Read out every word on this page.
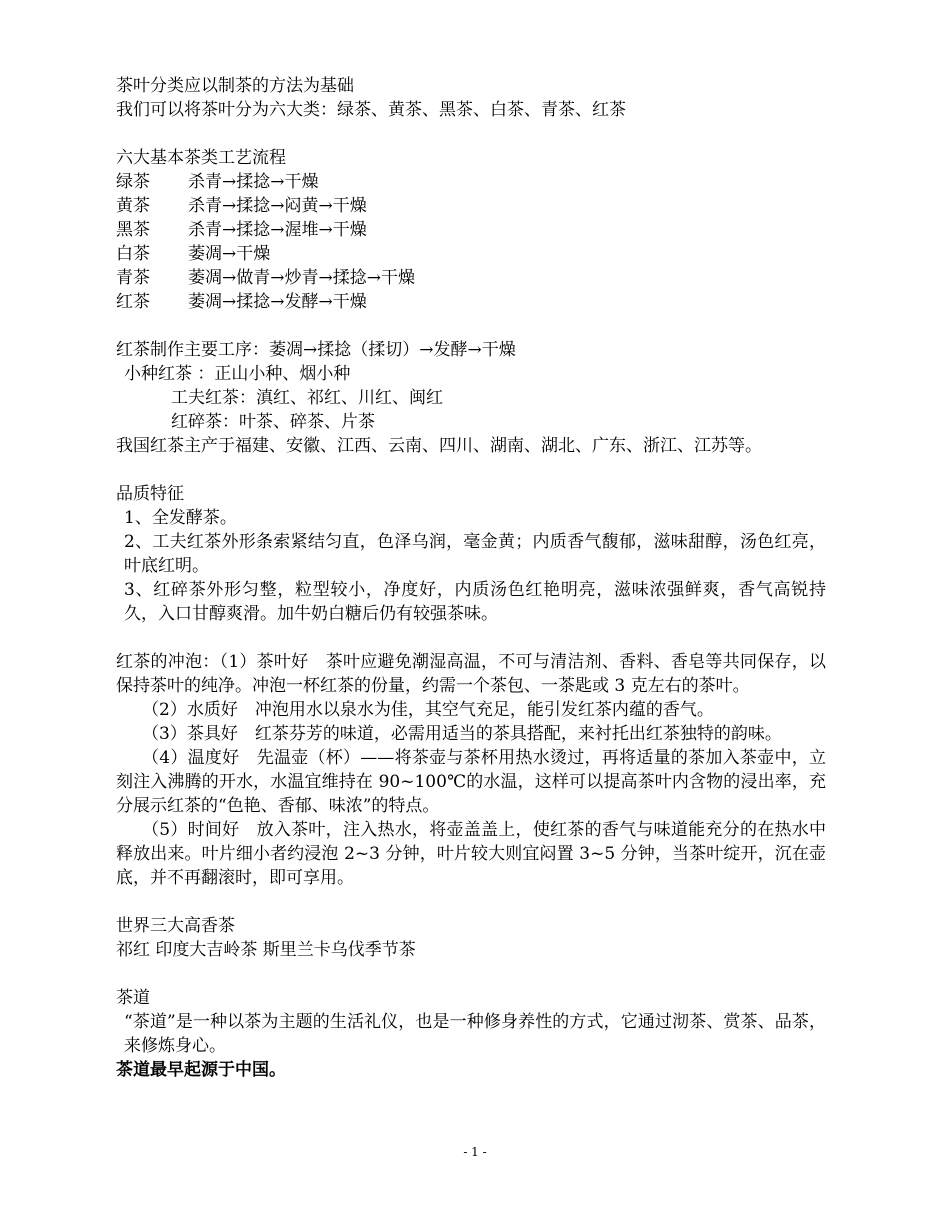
茶叶分类应以制茶的方法为基础
我们可以将茶叶分为六大类：绿茶、黄茶、黑茶、白茶、青茶、红茶
六大基本茶类工艺流程
绿茶	杀青→揉捻→干燥
黄茶	杀青→揉捻→闷黄→干燥
黑茶	杀青→揉捻→渥堆→干燥
白茶	萎凋→干燥
青茶	萎凋→做青→炒青→揉捻→干燥
红茶	萎凋→揉捻→发酵→干燥
红茶制作主要工序：萎凋→揉捻（揉切）→发酵→干燥
小种红茶 ：正山小种、烟小种
工夫红茶：滇红、祁红、川红、闽红
红碎茶：叶茶、碎茶、片茶
我国红茶主产于福建、安徽、江西、云南、四川、湖南、湖北、广东、浙江、江苏等。
品质特征
1、全发酵茶。

2、工夫红茶外形条索紧结匀直，色泽乌润，毫金黄；内质香气馥郁，滋味甜醇，汤色红亮，叶底红明。

3、红碎茶外形匀整，粒型较小，净度好，内质汤色红艳明亮，滋味浓强鲜爽，香气高锐持久，入口甘醇爽滑。加牛奶白糖后仍有较强茶味。

红茶的冲泡：（1）茶叶好　茶叶应避免潮湿高温，不可与清洁剂、香料、香皂等共同保存，以保持茶叶的纯净。冲泡一杯红茶的份量，约需一个茶包、一茶匙或 3 克左右的茶叶。

（2）水质好　冲泡用水以泉水为佳，其空气充足，能引发红茶内蕴的香气。

（3）茶具好　红茶芬芳的味道，必需用适当的茶具搭配，来衬托出红茶独特的韵味。

（4）温度好　先温壶（杯）——将茶壶与茶杯用热水烫过，再将适量的茶加入茶壶中，立刻注入沸腾的开水，水温宜维持在 90~100℃的水温，这样可以提高茶叶内含物的浸出率，充分展示红茶的“色艳、香郁、味浓”的特点。

（5）时间好　放入茶叶，注入热水，将壶盖盖上，使红茶的香气与味道能充分的在热水中释放出来。叶片细小者约浸泡 2~3 分钟，叶片较大则宜闷置 3~5 分钟，当茶叶绽开，沉在壶底，并不再翻滚时，即可享用。

世界三大高香茶
祁红 印度大吉岭茶 斯里兰卡乌伐季节茶
茶道

“茶道”是一种以茶为主题的生活礼仪，也是一种修身养性的方式，它通过沏茶、赏茶、品茶，来修炼身心。

茶道最早起源于中国。
- 1 -
